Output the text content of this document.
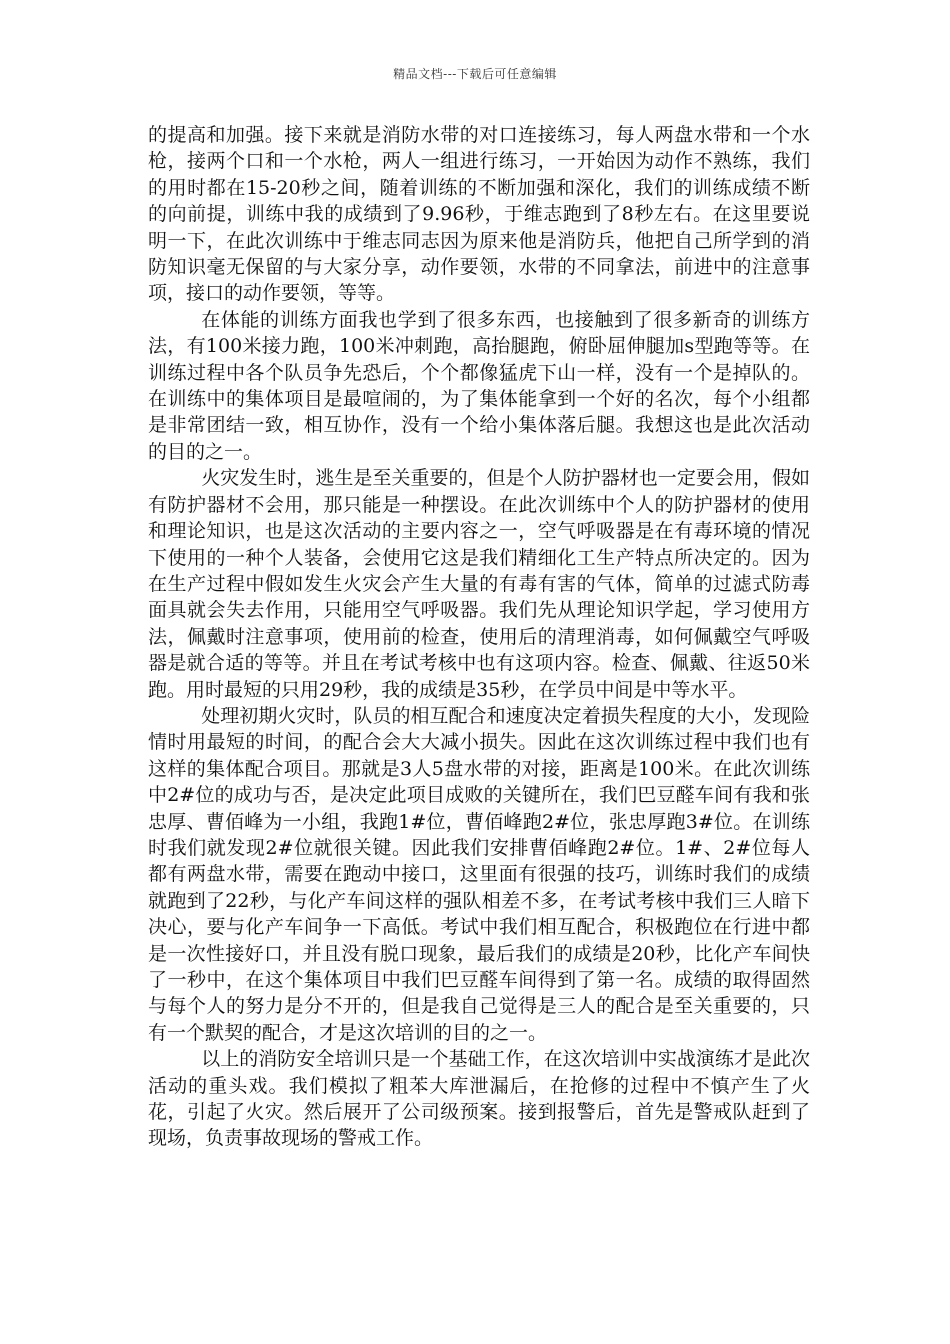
精品文档---下载后可任意编辑

的提高和加强。接下来就是消防水带的对口连接练习，每人两盘水带和一个水枪，接两个口和一个水枪，两人一组进行练习，一开始因为动作不熟练，我们的用时都在15-20秒之间，随着训练的不断加强和深化，我们的训练成绩不断的向前提，训练中我的成绩到了9.96秒，于维志跑到了8秒左右。在这里要说明一下，在此次训练中于维志同志因为原来他是消防兵，他把自己所学到的消防知识毫无保留的与大家分享，动作要领，水带的不同拿法，前进中的注意事项，接口的动作要领，等等。

在体能的训练方面我也学到了很多东西，也接触到了很多新奇的训练方法，有100米接力跑，100米冲刺跑，高抬腿跑，俯卧屈伸腿加s型跑等等。在训练过程中各个队员争先恐后，个个都像猛虎下山一样，没有一个是掉队的。在训练中的集体项目是最喧闹的，为了集体能拿到一个好的名次，每个小组都是非常团结一致，相互协作，没有一个给小集体落后腿。我想这也是此次活动的目的之一。

火灾发生时，逃生是至关重要的，但是个人防护器材也一定要会用，假如有防护器材不会用，那只能是一种摆设。在此次训练中个人的防护器材的使用和理论知识，也是这次活动的主要内容之一，空气呼吸器是在有毒环境的情况下使用的一种个人装备，会使用它这是我们精细化工生产特点所决定的。因为在生产过程中假如发生火灾会产生大量的有毒有害的气体，简单的过滤式防毒面具就会失去作用，只能用空气呼吸器。我们先从理论知识学起，学习使用方法，佩戴时注意事项，使用前的检查，使用后的清理消毒，如何佩戴空气呼吸器是就合适的等等。并且在考试考核中也有这项内容。检查、佩戴、往返50米跑。用时最短的只用29秒，我的成绩是35秒，在学员中间是中等水平。

处理初期火灾时，队员的相互配合和速度决定着损失程度的大小，发现险情时用最短的时间，的配合会大大减小损失。因此在这次训练过程中我们也有这样的集体配合项目。那就是3人5盘水带的对接，距离是100米。在此次训练中2#位的成功与否，是决定此项目成败的关键所在，我们巴豆醛车间有我和张忠厚、曹佰峰为一小组，我跑1#位，曹佰峰跑2#位，张忠厚跑3#位。在训练时我们就发现2#位就很关键。因此我们安排曹佰峰跑2#位。1#、2#位每人都有两盘水带，需要在跑动中接口，这里面有很强的技巧，训练时我们的成绩就跑到了22秒，与化产车间这样的强队相差不多，在考试考核中我们三人暗下决心，要与化产车间争一下高低。考试中我们相互配合，积极跑位在行进中都是一次性接好口，并且没有脱口现象，最后我们的成绩是20秒，比化产车间快了一秒中，在这个集体项目中我们巴豆醛车间得到了第一名。成绩的取得固然与每个人的努力是分不开的，但是我自己觉得是三人的配合是至关重要的，只有一个默契的配合，才是这次培训的目的之一。

以上的消防安全培训只是一个基础工作，在这次培训中实战演练才是此次活动的重头戏。我们模拟了粗苯大库泄漏后，在抢修的过程中不慎产生了火花，引起了火灾。然后展开了公司级预案。接到报警后，首先是警戒队赶到了现场，负责事故现场的警戒工作。
